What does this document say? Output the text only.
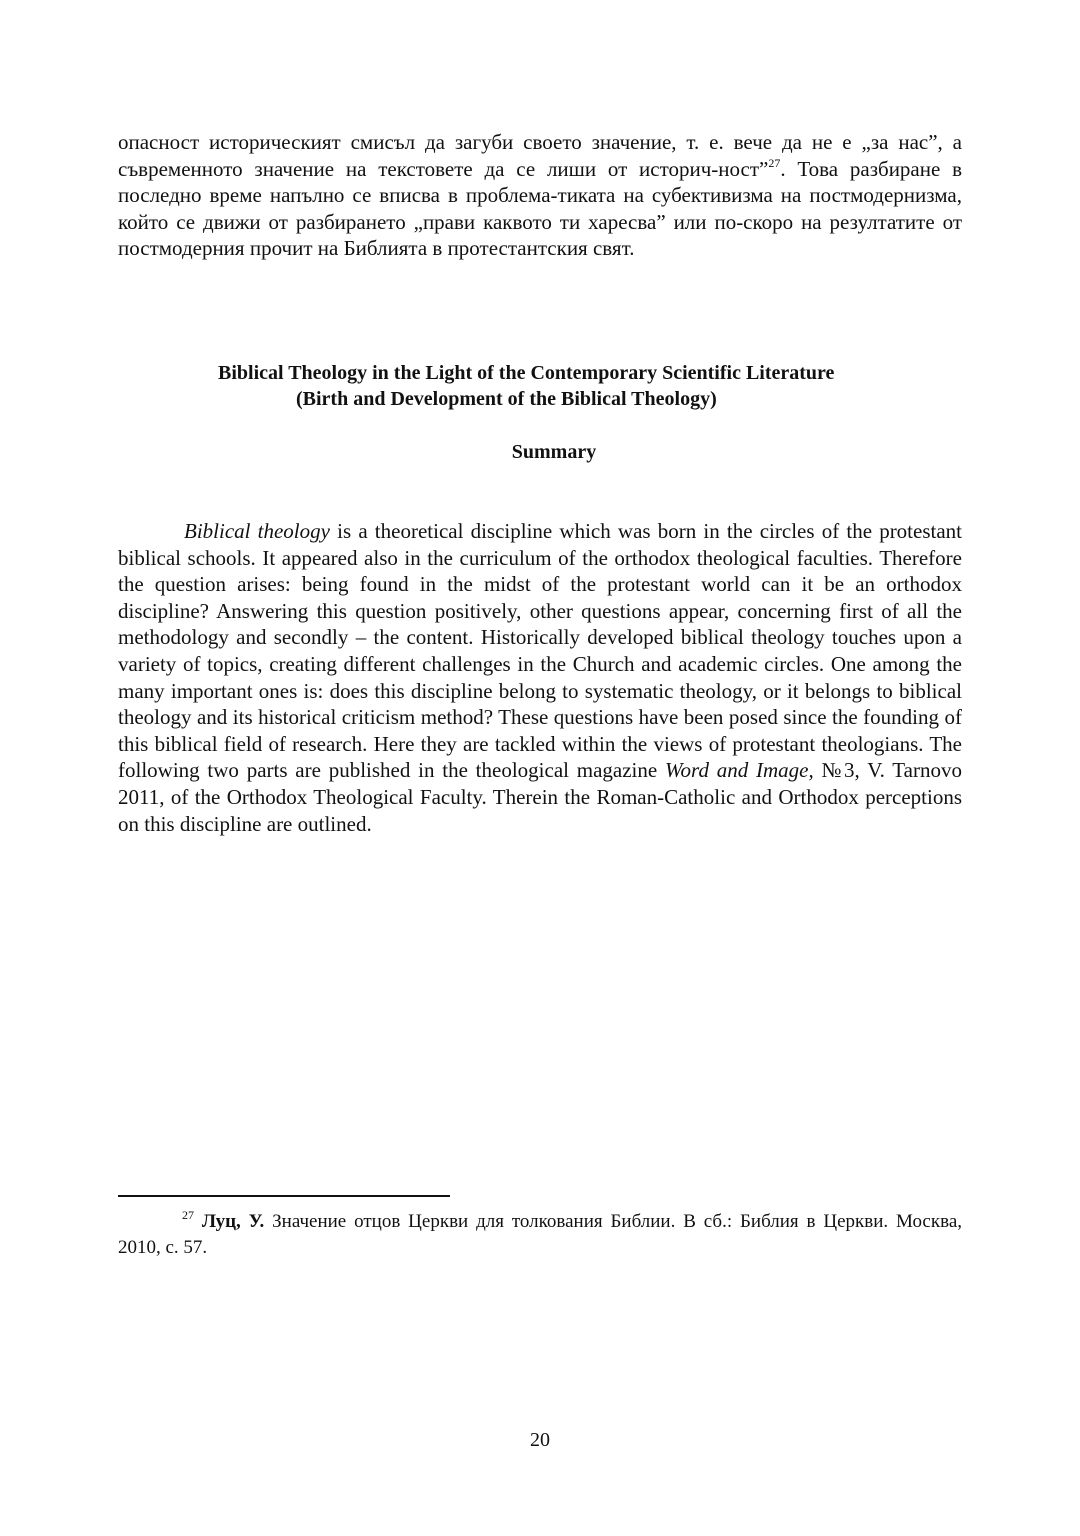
опасност историческият смисъл да загуби своето значение, т. е. вече да не е „за нас”, а съвременното значение на текстовете да се лиши от историч-ност”$^{27}$. Това разбиране в последно време напълно се вписва в проблема-тиката на субективизма на постмодернизма, който се движи от разбирането „прави каквото ти харесва” или по-скоро на резултатите от постмодерния прочит на Библията в протестантския свят.

Biblical Theology in the Light of the Contemporary Scientific Literature
(Birth and Development of the Biblical Theology)
Summary

Biblical theology is a theoretical discipline which was born in the circles of the protestant biblical schools. It appeared also in the curriculum of the orthodox theological faculties. Therefore the question arises: being found in the midst of the protestant world can it be an orthodox discipline? Answering this question positively, other questions appear, concerning first of all the methodology and secondly – the content. Historically developed biblical theology touches upon a variety of topics, creating different challenges in the Church and academic circles. One among the many important ones is: does this discipline belong to systematic theology, or it belongs to biblical theology and its historical criticism method? These questions have been posed since the founding of this biblical field of research. Here they are tackled within the views of protestant theologians. The following two parts are published in the theological magazine Word and Image, №3, V. Tarnovo 2011, of the Orthodox Theological Faculty. Therein the Roman-Catholic and Orthodox perceptions on this discipline are outlined.

$^{27}$ Луц, У. Значение отцов Церкви для толкования Библии. В сб.: Библия в Церкви. Москва, 2010, с. 57.

20
